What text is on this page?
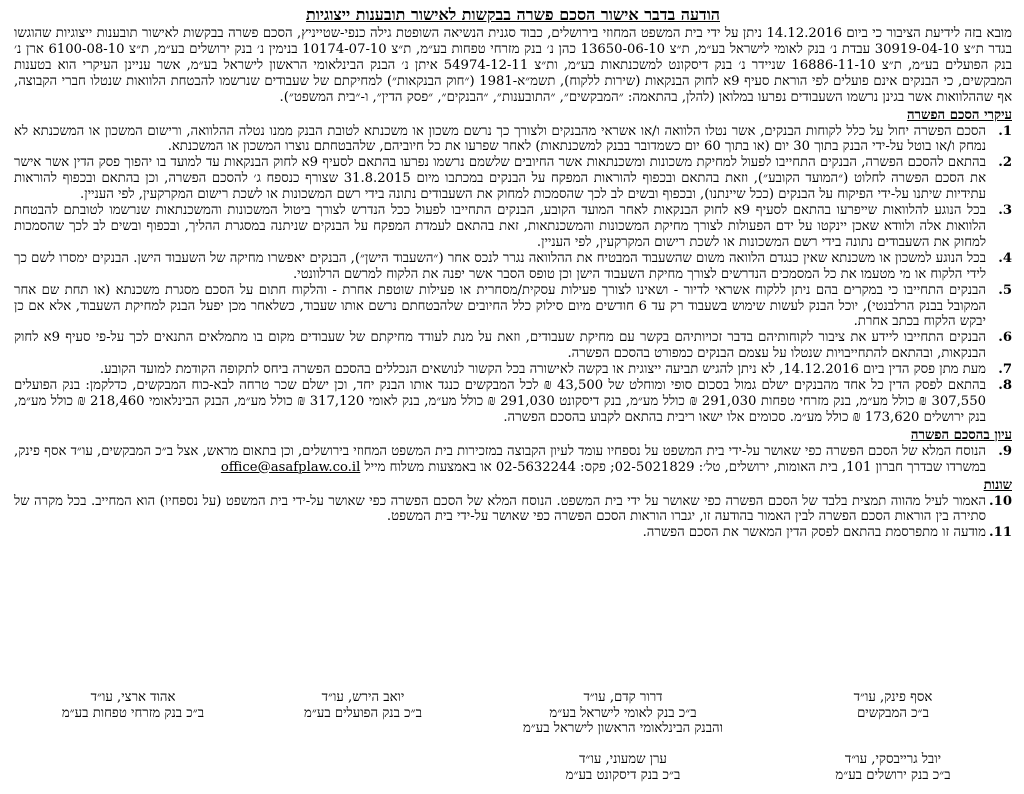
הודעה בדבר אישור הסכם פשרה בבקשות לאישור תובענות ייצוגיות

מובא בזה לידיעת הציבור כי ביום 14.12.2016 ניתן על ידי בית המשפט המחוזי בירושלים, כבוד סגנית הנשיאה השופטת גילה כנפי-שטייניץ, הסכם פשרה בבקשות לאישור תובענות ייצוגיות שהוגשו בגדר ת״צ 30919-04-10 עבדת נ׳ בנק לאומי לישראל בע״מ, ת״צ 13650-06-10 כהן נ׳ בנק מזרחי טפחות בע״מ, ת״צ 10174-07-10 בנימין נ׳ בנק ירושלים בע״מ, ת״צ 6100-08-10 ארן נ׳ בנק הפועלים בע״מ, ת״צ 16886-11-10 שניידר נ׳ בנק דיסקונט למשכנתאות בע״מ, ות״צ 54974-12-11 איתן נ׳ הבנק הבינלאומי הראשון לישראל בע״מ, אשר עניינן העיקרי הוא בטענות המבקשים, כי הבנקים אינם פועלים לפי הוראת סעיף 9א לחוק הבנקאות (שירות ללקוח), תשמ״א-1981 (״חוק הבנקאות״) למחיקתם של שעבודים שנרשמו להבטחת הלוואות שנטלו חברי הקבוצה, אף שההלוואות אשר בגינן נרשמו השעבודים נפרעו במלואן (להלן, בהתאמה: ״המבקשים״, ״התובענות״, ״הבנקים״, ״פסק הדין״, ו-״בית המשפט״).

עיקרי הסכם הפשרה
1.
הסכם הפשרה יחול על כלל לקוחות הבנקים, אשר נטלו הלוואה ו/או אשראי מהבנקים ולצורך כך נרשם משכון או משכנתא לטובת הבנק ממנו נטלה ההלוואה, ורישום המשכון או המשכנתא לא נמחק ו/או בוטל על-ידי הבנק בתוך 30 יום (או בתוך 60 יום כשמדובר בבנק למשכנתאות) לאחר שפרעו את כל חיוביהם, שלהבטחתם נוצרו המשכון או המשכנתא.
2.
בהתאם להסכם הפשרה, הבנקים התחייבו לפעול למחיקת משכונות ומשכנתאות אשר החיובים שלשמם נרשמו נפרעו בהתאם לסעיף 9א לחוק הבנקאות עד למועד בו יהפוך פסק הדין אשר אישר את הסכם הפשרה לחלוט (״המועד הקובע״), וזאת בהתאם ובכפוף להוראות המפקח על הבנקים במכתבו מיום 31.8.2015 שצורף כנספח ג׳ להסכם הפשרה, וכן בהתאם ובכפוף להוראות עתידיות שיתנו על-ידי הפיקוח על הבנקים (ככל שיינתנו), ובכפוף ובשים לב לכך שהסמכות למחוק את השעבודים נתונה בידי רשם המשכונות או לשכת רישום המקרקעין, לפי העניין.
3.
בכל הנוגע להלוואות שייפרעו בהתאם לסעיף 9א לחוק הבנקאות לאחר המועד הקובע, הבנקים התחייבו לפעול ככל הנדרש לצורך ביטול המשכונות והמשכנתאות שנרשמו לטובתם להבטחת הלוואות אלה ולוודא שאכן יינקטו על ידם הפעולות לצורך מחיקת המשכונות והמשכנתאות, זאת בהתאם לעמדת המפקח על הבנקים שניתנה במסגרת ההליך, ובכפוף ובשים לב לכך שהסמכות למחוק את השעבודים נתונה בידי רשם המשכונות או לשכת רישום המקרקעין, לפי העניין.
4.
בכל הנוגע למשכון או משכנתא שאין כנגדם הלוואה משום שהשעבוד המבטיח את ההלוואה נגרר לנכס אחר (״השעבוד הישן״), הבנקים יאפשרו מחיקה של השעבוד הישן. הבנקים ימסרו לשם כך לידי הלקוח או מי מטעמו את כל המסמכים הנדרשים לצורך מחיקת השעבוד הישן וכן טופס הסבר אשר יפנה את הלקוח למרשם הרלוונטי.
5.
הבנקים התחייבו כי במקרים בהם ניתן ללקוח אשראי לדיור - ושאינו לצורך פעילות עסקית/מסחרית או פעילות שוטפת אחרת - והלקוח חתום על הסכם מסגרת משכנתא (או תחת שם אחר המקובל בבנק הרלבנטי), יוכל הבנק לעשות שימוש בשעבוד רק עד 6 חודשים מיום סילוק כלל החיובים שלהבטחתם נרשם אותו שעבוד, כשלאחר מכן יפעל הבנק למחיקת השעבוד, אלא אם כן יבקש הלקוח בכתב אחרת.
6.
הבנקים התחייבו ליידע את ציבור לקוחותיהם בדבר זכויותיהם בקשר עם מחיקת שעבודים, וזאת על מנת לעודד מחיקתם של שעבודים מקום בו מתמלאים התנאים לכך על-פי סעיף 9א לחוק הבנקאות, ובהתאם להתחייבויות שנטלו על עצמם הבנקים כמפורט בהסכם הפשרה.
7.
מעת מתן פסק הדין ביום 14.12.2016, לא ניתן להגיש תביעה ייצוגית או בקשה לאישורה בכל הקשור לנושאים הנכללים בהסכם הפשרה ביחס לתקופה הקודמת למועד הקובע.
8.
בהתאם לפסק הדין כל אחד מהבנקים ישלם גמול בסכום סופי ומוחלט של 43,500 ₪ לכל המבקשים כנגד אותו הבנק יחד, וכן ישלם שכר טרחה לבא-כוח המבקשים, כדלקמן: בנק הפועלים 307,550 ₪ כולל מע״מ, בנק מזרחי טפחות 291,030 ₪ כולל מע״מ, בנק דיסקונט 291,030 ₪ כולל מע״מ, בנק לאומי 317,120 ₪ כולל מע״מ, הבנק הבינלאומי 218,460 ₪ כולל מע״מ, בנק ירושלים 173,620 ₪ כולל מע״מ. סכומים אלו ישאו ריבית בהתאם לקבוע בהסכם הפשרה.
עיון בהסכם הפשרה
9.
הנוסח המלא של הסכם הפשרה כפי שאושר על-ידי בית המשפט על נספחיו עומד לעיון הקבוצה במזכירות בית המשפט המחוזי בירושלים, וכן בתאום מראש, אצל ב״כ המבקשים, עו״ד אסף פינק, במשרדו שבדרך חברון 101, בית האומות, ירושלים, טל׳: 02-5021829; פקס: 02-5632244 או באמצעות משלוח מייל office@asafplaw.co.il
שונות
10.
האמור לעיל מהווה תמצית בלבד של הסכם הפשרה כפי שאושר על ידי בית המשפט. הנוסח המלא של הסכם הפשרה כפי שאושר על-ידי בית המשפט (על נספחיו) הוא המחייב. בכל מקרה של סתירה בין הוראות הסכם הפשרה לבין האמור בהודעה זו, יגברו הוראות הסכם הפשרה כפי שאושר על-ידי בית המשפט.
11.
מודעה זו מתפרסמת בהתאם לפסק הדין המאשר את הסכם הפשרה.
אסף פינק, עו״ד
ב״כ המבקשים
דרור קדם, עו״ד
ב״כ בנק לאומי לישראל בע״מ
והבנק הבינלאומי הראשון לישראל בע״מ
יואב הירש, עו״ד
ב״כ בנק הפועלים בע״מ
אהוד ארצי, עו״ד
ב״כ בנק מזרחי טפחות בע״מ
יובל גרייבסקי, עו״ד
ב״כ בנק ירושלים בע״מ
ערן שמעוני, עו״ד
ב״כ בנק דיסקונט בע״מ
